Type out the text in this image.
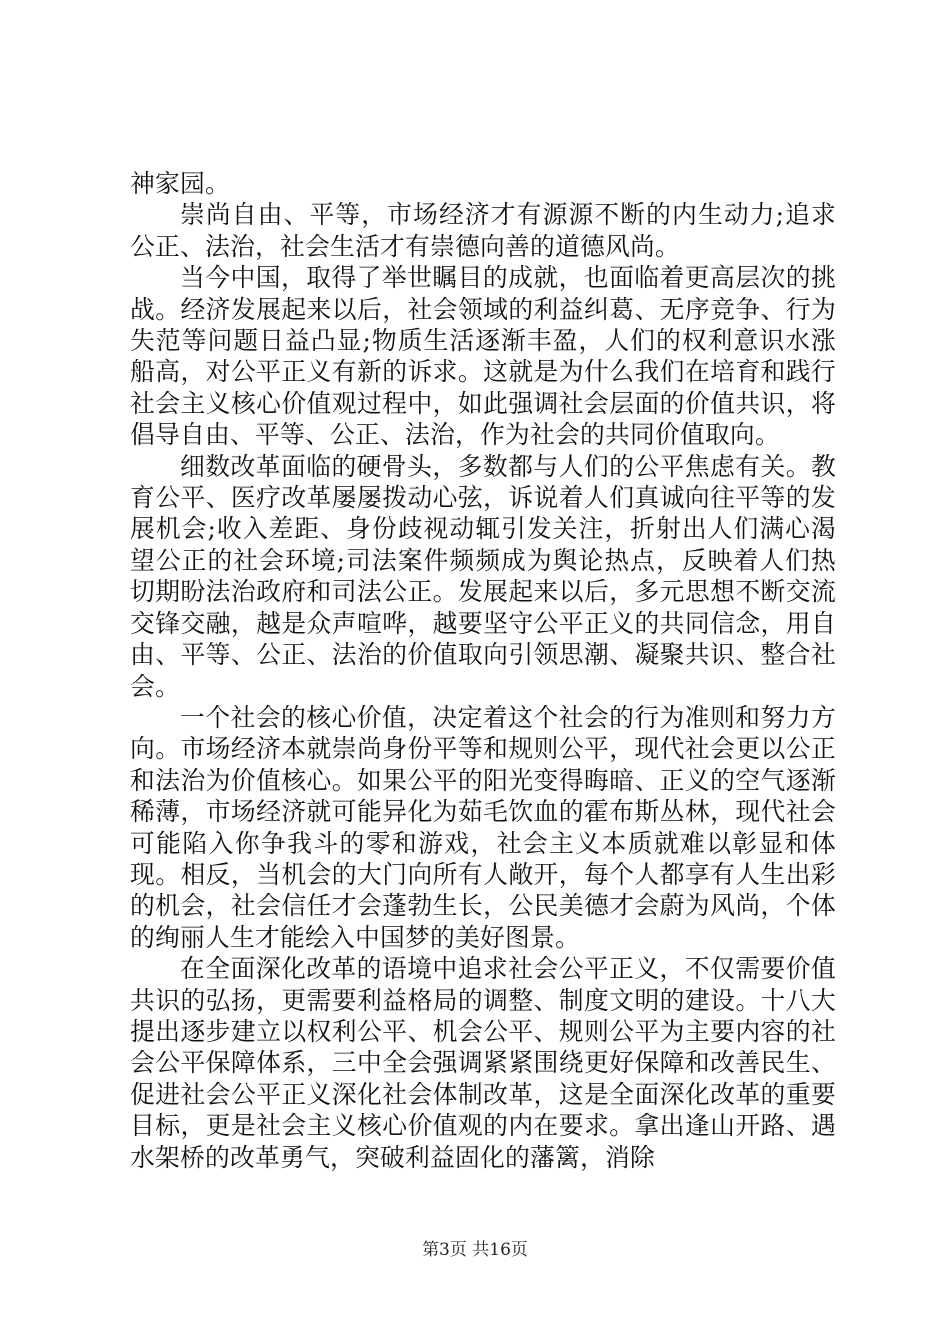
神家园。

崇尚自由、平等，市场经济才有源源不断的内生动力;追求公正、法治，社会生活才有崇德向善的道德风尚。

当今中国，取得了举世瞩目的成就，也面临着更高层次的挑战。经济发展起来以后，社会领域的利益纠葛、无序竞争、行为失范等问题日益凸显;物质生活逐渐丰盈，人们的权利意识水涨船高，对公平正义有新的诉求。这就是为什么我们在培育和践行社会主义核心价值观过程中，如此强调社会层面的价值共识，将倡导自由、平等、公正、法治，作为社会的共同价值取向。

细数改革面临的硬骨头，多数都与人们的公平焦虑有关。教育公平、医疗改革屡屡拨动心弦，诉说着人们真诚向往平等的发展机会;收入差距、身份歧视动辄引发关注，折射出人们满心渴望公正的社会环境;司法案件频频成为舆论热点，反映着人们热切期盼法治政府和司法公正。发展起来以后，多元思想不断交流交锋交融，越是众声喧哗，越要坚守公平正义的共同信念，用自由、平等、公正、法治的价值取向引领思潮、凝聚共识、整合社会。

一个社会的核心价值，决定着这个社会的行为准则和努力方向。市场经济本就崇尚身份平等和规则公平，现代社会更以公正和法治为价值核心。如果公平的阳光变得晦暗、正义的空气逐渐稀薄，市场经济就可能异化为茹毛饮血的霍布斯丛林，现代社会可能陷入你争我斗的零和游戏，社会主义本质就难以彰显和体现。相反，当机会的大门向所有人敞开，每个人都享有人生出彩的机会，社会信任才会蓬勃生长，公民美德才会蔚为风尚，个体的绚丽人生才能绘入中国梦的美好图景。

在全面深化改革的语境中追求社会公平正义，不仅需要价值共识的弘扬，更需要利益格局的调整、制度文明的建设。十八大提出逐步建立以权利公平、机会公平、规则公平为主要内容的社会公平保障体系，三中全会强调紧紧围绕更好保障和改善民生、促进社会公平正义深化社会体制改革，这是全面深化改革的重要目标，更是社会主义核心价值观的内在要求。拿出逢山开路、遇水架桥的改革勇气，突破利益固化的藩篱，消除

第3页 共16页
